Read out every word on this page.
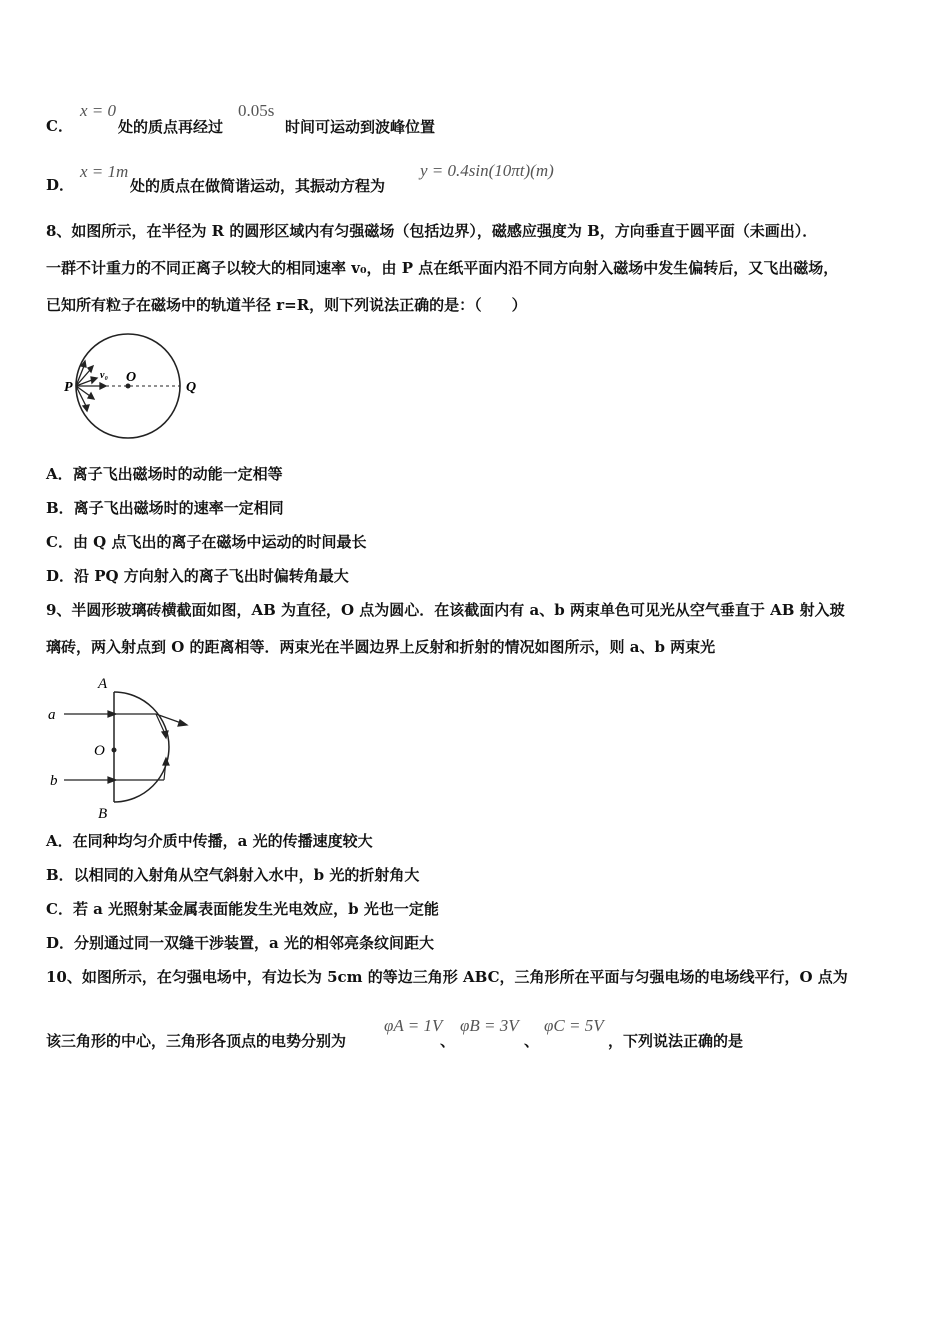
C．
x = 0
处的质点再经过
0.05s
时间可运动到波峰位置
D．
x = 1m
处的质点在做简谐运动，其振动方程为
y = 0.4sin(10πt)(m)
8、如图所示，在半径为 R 的圆形区域内有匀强磁场（包括边界），磁感应强度为 B，方向垂直于圆平面（未画出）．
一群不计重力的不同正离子以较大的相同速率 v₀，由 P 点在纸平面内沿不同方向射入磁场中发生偏转后，又飞出磁场，
已知所有粒子在磁场中的轨道半径 r=R，则下列说法正确的是：（　　）
P
v₀ O
Q
A．离子飞出磁场时的动能一定相等
B．离子飞出磁场时的速率一定相同
C．由 Q 点飞出的离子在磁场中运动的时间最长
D．沿 PQ 方向射入的离子飞出时偏转角最大
9、半圆形玻璃砖横截面如图，AB 为直径，O 点为圆心．在该截面内有 a、b 两束单色可见光从空气垂直于 AB 射入玻
璃砖，两入射点到 O 的距离相等．两束光在半圆边界上反射和折射的情况如图所示，则 a、b 两束光
a
b
A
B
O
A．在同种均匀介质中传播，a 光的传播速度较大
B．以相同的入射角从空气斜射入水中，b 光的折射角大
C．若 a 光照射某金属表面能发生光电效应，b 光也一定能
D．分别通过同一双缝干涉装置，a 光的相邻亮条纹间距大
10、如图所示，在匀强电场中，有边长为 5cm 的等边三角形 ABC，三角形所在平面与匀强电场的电场线平行，O 点为
该三角形的中心，三角形各顶点的电势分别为
φA = 1V
、
φB = 3V
、
φC = 5V
，下列说法正确的是
